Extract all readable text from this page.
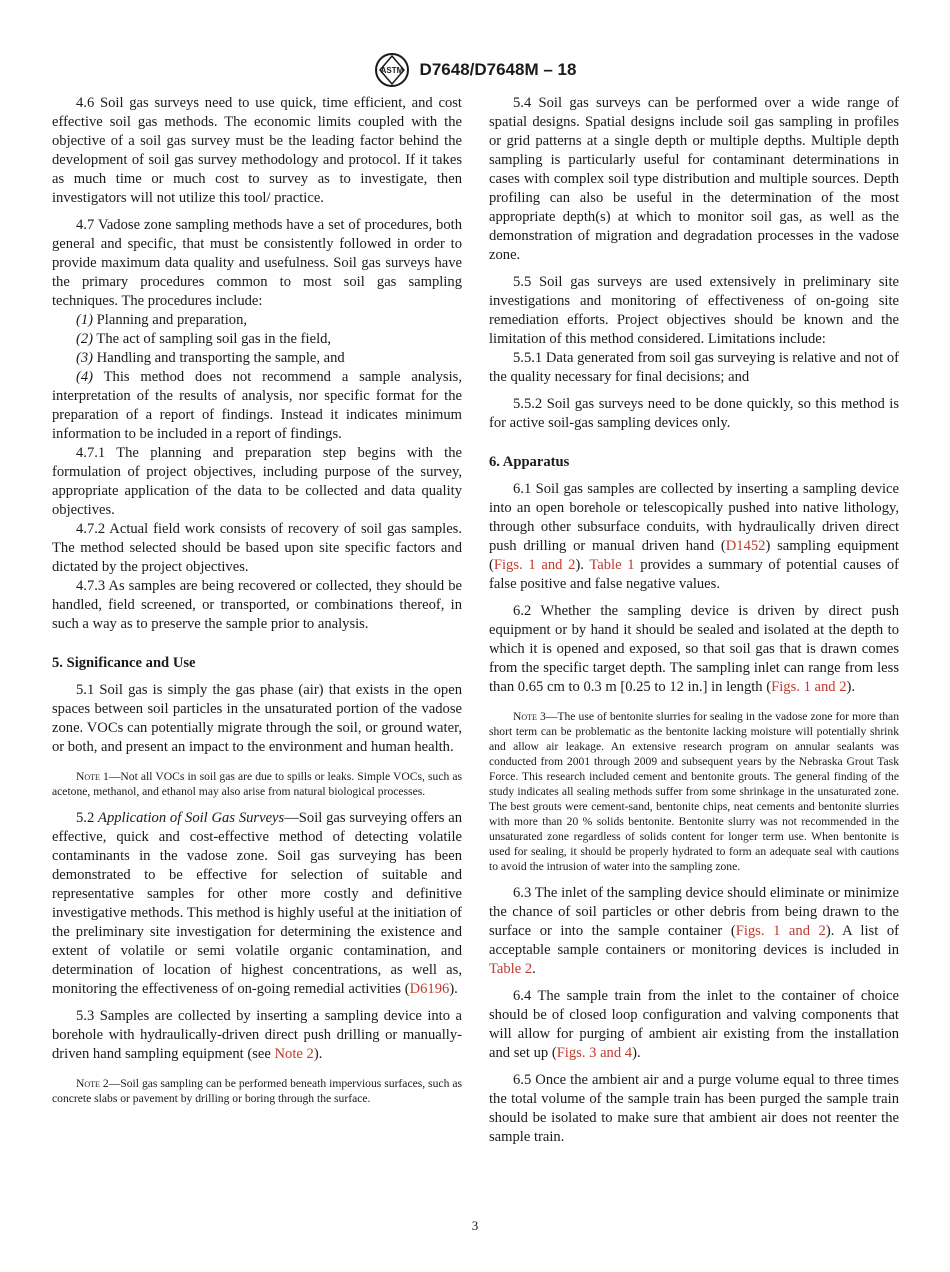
ASTM D7648/D7648M – 18

4.6 Soil gas surveys need to use quick, time efficient, and cost effective soil gas methods. The economic limits coupled with the objective of a soil gas survey must be the leading factor behind the development of soil gas survey methodology and protocol. If it takes as much time or much cost to survey as to investigate, then investigators will not utilize this tool/ practice.

4.7 Vadose zone sampling methods have a set of procedures, both general and specific, that must be consistently followed in order to provide maximum data quality and usefulness. Soil gas surveys have the primary procedures common to most soil gas sampling techniques. The procedures include:

(1) Planning and preparation,

(2) The act of sampling soil gas in the field,

(3) Handling and transporting the sample, and

(4) This method does not recommend a sample analysis, interpretation of the results of analysis, nor specific format for the preparation of a report of findings. Instead it indicates minimum information to be included in a report of findings.

4.7.1 The planning and preparation step begins with the formulation of project objectives, including purpose of the survey, appropriate application of the data to be collected and data quality objectives.

4.7.2 Actual field work consists of recovery of soil gas samples. The method selected should be based upon site specific factors and dictated by the project objectives.

4.7.3 As samples are being recovered or collected, they should be handled, field screened, or transported, or combinations thereof, in such a way as to preserve the sample prior to analysis.

5. Significance and Use

5.1 Soil gas is simply the gas phase (air) that exists in the open spaces between soil particles in the unsaturated portion of the vadose zone. VOCs can potentially migrate through the soil, or ground water, or both, and present an impact to the environment and human health.

Note 1—Not all VOCs in soil gas are due to spills or leaks. Simple VOCs, such as acetone, methanol, and ethanol may also arise from natural biological processes.

5.2 Application of Soil Gas Surveys—Soil gas surveying offers an effective, quick and cost-effective method of detecting volatile contaminants in the vadose zone. Soil gas surveying has been demonstrated to be effective for selection of suitable and representative samples for other more costly and definitive investigative methods. This method is highly useful at the initiation of the preliminary site investigation for determining the existence and extent of volatile or semi volatile organic contamination, and determination of location of highest concentrations, as well as, monitoring the effectiveness of on-going remedial activities (D6196).

5.3 Samples are collected by inserting a sampling device into a borehole with hydraulically-driven direct push drilling or manually-driven hand sampling equipment (see Note 2).

Note 2—Soil gas sampling can be performed beneath impervious surfaces, such as concrete slabs or pavement by drilling or boring through the surface.

5.4 Soil gas surveys can be performed over a wide range of spatial designs. Spatial designs include soil gas sampling in profiles or grid patterns at a single depth or multiple depths. Multiple depth sampling is particularly useful for contaminant determinations in cases with complex soil type distribution and multiple sources. Depth profiling can also be useful in the determination of the most appropriate depth(s) at which to monitor soil gas, as well as the demonstration of migration and degradation processes in the vadose zone.

5.5 Soil gas surveys are used extensively in preliminary site investigations and monitoring of effectiveness of on-going site remediation efforts. Project objectives should be known and the limitation of this method considered. Limitations include:

5.5.1 Data generated from soil gas surveying is relative and not of the quality necessary for final decisions; and

5.5.2 Soil gas surveys need to be done quickly, so this method is for active soil-gas sampling devices only.

6. Apparatus

6.1 Soil gas samples are collected by inserting a sampling device into an open borehole or telescopically pushed into native lithology, through other subsurface conduits, with hydraulically driven direct push drilling or manual driven hand (D1452) sampling equipment (Figs. 1 and 2). Table 1 provides a summary of potential causes of false positive and false negative values.

6.2 Whether the sampling device is driven by direct push equipment or by hand it should be sealed and isolated at the depth to which it is opened and exposed, so that soil gas that is drawn comes from the specific target depth. The sampling inlet can range from less than 0.65 cm to 0.3 m [0.25 to 12 in.] in length (Figs. 1 and 2).

Note 3—The use of bentonite slurries for sealing in the vadose zone for more than short term can be problematic as the bentonite lacking moisture will potentially shrink and allow air leakage. An extensive research program on annular sealants was conducted from 2001 through 2009 and subsequent years by the Nebraska Grout Task Force. This research included cement and bentonite grouts. The general finding of the study indicates all sealing methods suffer from some shrinkage in the unsaturated zone. The best grouts were cement-sand, bentonite chips, neat cements and bentonite slurries with more than 20 % solids bentonite. Bentonite slurry was not recommended in the unsaturated zone regardless of solids content for longer term use. When bentonite is used for sealing, it should be properly hydrated to form an adequate seal with cautions to avoid the intrusion of water into the sampling zone.

6.3 The inlet of the sampling device should eliminate or minimize the chance of soil particles or other debris from being drawn to the surface or into the sample container (Figs. 1 and 2). A list of acceptable sample containers or monitoring devices is included in Table 2.

6.4 The sample train from the inlet to the container of choice should be of closed loop configuration and valving components that will allow for purging of ambient air existing from the installation and set up (Figs. 3 and 4).

6.5 Once the ambient air and a purge volume equal to three times the total volume of the sample train has been purged the sample train should be isolated to make sure that ambient air does not reenter the sample train.

3
